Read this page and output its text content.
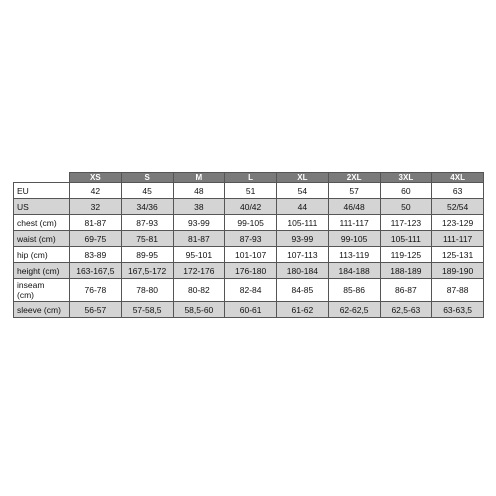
	XS	S	M	L	XL	2XL	3XL	4XL
EU	42	45	48	51	54	57	60	63
US	32	34/36	38	40/42	44	46/48	50	52/54
chest (cm)	81-87	87-93	93-99	99-105	105-111	111-117	117-123	123-129
waist (cm)	69-75	75-81	81-87	87-93	93-99	99-105	105-111	111-117
hip (cm)	83-89	89-95	95-101	101-107	107-113	113-119	119-125	125-131
height (cm)	163-167,5	167,5-172	172-176	176-180	180-184	184-188	188-189	189-190
inseam (cm)	76-78	78-80	80-82	82-84	84-85	85-86	86-87	87-88
sleeve (cm)	56-57	57-58,5	58,5-60	60-61	61-62	62-62,5	62,5-63	63-63,5
